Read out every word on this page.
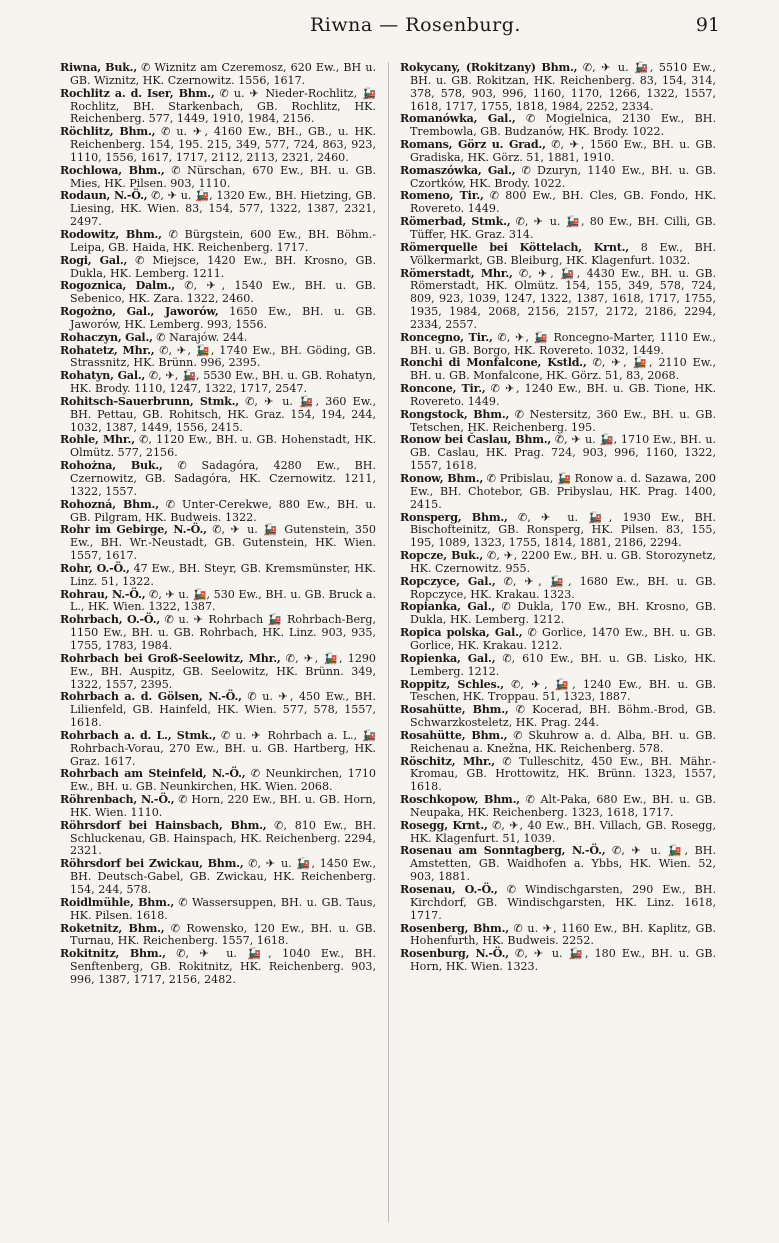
Riwna — Rosenburg.	91

Riwna, Buk., ✆ Wiznitz am Czeremosz, 620 Ew., BH u. GB. Wiznitz, HK. Czernowitz. 1556, 1617.

Rochlitz a. d. Iser, Bhm., ✆ u. ✈ Nieder-Rochlitz, 🚂 Rochlitz, BH. Starkenbach, GB. Rochlitz, HK. Reichenberg. 577, 1449, 1910, 1984, 2156.

Röchlitz, Bhm., ✆ u. ✈, 4160 Ew., BH., GB., u. HK. Reichenberg. 154, 195. 215, 349, 577, 724, 863, 923, 1110, 1556, 1617, 1717, 2112, 2113, 2321, 2460.

Rochlowa, Bhm., ✆ Nürschan, 670 Ew., BH. u. GB. Mies, HK. Pilsen. 903, 1110.

Rodaun, N.-Ö., ✆, ✈ u. 🚂, 1320 Ew., BH. Hietzing, GB. Liesing, HK. Wien. 83, 154, 577, 1322, 1387, 2321, 2497.

Rodowitz, Bhm., ✆ Bürgstein, 600 Ew., BH. Böhm.-Leipa, GB. Haida, HK. Reichenberg. 1717.

Rogi, Gal., ✆ Miejsce, 1420 Ew., BH. Krosno, GB. Dukla, HK. Lemberg. 1211.

Rogoznica, Dalm., ✆, ✈, 1540 Ew., BH. u. GB. Sebenico, HK. Zara. 1322, 2460.

Rogożno, Gal., Jaworów, 1650 Ew., BH. u. GB. Jaworów, HK. Lemberg. 993, 1556.

Rohaczyn, Gal., ✆ Narajów. 244.

Rohatetz, Mhr., ✆, ✈, 🚂, 1740 Ew., BH. Göding, GB. Strassnitz, HK. Brünn. 996, 2395.

Rohatyn, Gal., ✆, ✈, 🚂, 5530 Ew., BH. u. GB. Rohatyn, HK. Brody. 1110, 1247, 1322, 1717, 2547.

Rohitsch-Sauerbrunn, Stmk., ✆, ✈ u. 🚂, 360 Ew., BH. Pettau, GB. Rohitsch, HK. Graz. 154, 194, 244, 1032, 1387, 1449, 1556, 2415.

Rohle, Mhr., ✆, 1120 Ew., BH. u. GB. Hohenstadt, HK. Olmütz. 577, 2156.

Rohożna, Buk., ✆ Sadagóra, 4280 Ew., BH. Czernowitz, GB. Sadagóra, HK. Czernowitz. 1211, 1322, 1557.

Rohozná, Bhm., ✆ Unter-Cerekwe, 880 Ew., BH. u. GB. Pilgram, HK. Budweis. 1322.

Rohr im Gebirge, N.-Ö., ✆, ✈ u. 🚂 Gutenstein, 350 Ew., BH. Wr.-Neustadt, GB. Gutenstein, HK. Wien. 1557, 1617.

Rohr, O.-Ö., 47 Ew., BH. Steyr, GB. Kremsmünster, HK. Linz. 51, 1322.

Rohrau, N.-Ö., ✆, ✈ u. 🚂, 530 Ew., BH. u. GB. Bruck a. L., HK. Wien. 1322, 1387.

Rohrbach, O.-Ö., ✆ u. ✈ Rohrbach 🚂 Rohrbach-Berg, 1150 Ew., BH. u. GB. Rohrbach, HK. Linz. 903, 935, 1755, 1783, 1984.

Rohrbach bei Groß-Seelowitz, Mhr., ✆, ✈, 🚂, 1290 Ew., BH. Auspitz, GB. Seelowitz, HK. Brünn. 349, 1322, 1557, 2395.

Rohrbach a. d. Gölsen, N.-Ö., ✆ u. ✈, 450 Ew., BH. Lilienfeld, GB. Hainfeld, HK. Wien. 577, 578, 1557, 1618.

Rohrbach a. d. L., Stmk., ✆ u. ✈ Rohrbach a. L., 🚂 Rohrbach-Vorau, 270 Ew., BH. u. GB. Hartberg, HK. Graz. 1617.

Rohrbach am Steinfeld, N.-Ö., ✆ Neunkirchen, 1710 Ew., BH. u. GB. Neunkirchen, HK. Wien. 2068.

Röhrenbach, N.-Ö., ✆ Horn, 220 Ew., BH. u. GB. Horn, HK. Wien. 1110.

Röhrsdorf bei Hainsbach, Bhm., ✆, 810 Ew., BH. Schluckenau, GB. Hainspach, HK. Reichenberg. 2294, 2321.

Röhrsdorf bei Zwickau, Bhm., ✆, ✈ u. 🚂, 1450 Ew., BH. Deutsch-Gabel, GB. Zwickau, HK. Reichenberg. 154, 244, 578.

Roidlmühle, Bhm., ✆ Wassersuppen, BH. u. GB. Taus, HK. Pilsen. 1618.

Roketnitz, Bhm., ✆ Rowensko, 120 Ew., BH. u. GB. Turnau, HK. Reichenberg. 1557, 1618.

Rokitnitz, Bhm., ✆, ✈ u. 🚂, 1040 Ew., BH. Senftenberg, GB. Rokitnitz, HK. Reichenberg. 903, 996, 1387, 1717, 2156, 2482.

Rokycany, (Rokitzany) Bhm., ✆, ✈ u. 🚂, 5510 Ew., BH. u. GB. Rokitzan, HK. Reichenberg. 83, 154, 314, 378, 578, 903, 996, 1160, 1170, 1266, 1322, 1557, 1618, 1717, 1755, 1818, 1984, 2252, 2334.

Romanówka, Gal., ✆ Mogielnica, 2130 Ew., BH. Trembowla, GB. Budzanów, HK. Brody. 1022.

Romans, Görz u. Grad., ✆, ✈, 1560 Ew., BH. u. GB. Gradiska, HK. Görz. 51, 1881, 1910.

Romaszówka, Gal., ✆ Dzuryn, 1140 Ew., BH. u. GB. Czortków, HK. Brody. 1022.

Romeno, Tir., ✆ 800 Ew., BH. Cles, GB. Fondo, HK. Rovereto. 1449.

Römerbad, Stmk., ✆, ✈ u. 🚂, 80 Ew., BH. Cilli, GB. Tüffer, HK. Graz. 314.

Römerquelle bei Köttelach, Krnt., 8 Ew., BH. Völkermarkt, GB. Bleiburg, HK. Klagenfurt. 1032.

Römerstadt, Mhr., ✆, ✈, 🚂, 4430 Ew., BH. u. GB. Römerstadt, HK. Olmütz. 154, 155, 349, 578, 724, 809, 923, 1039, 1247, 1322, 1387, 1618, 1717, 1755, 1935, 1984, 2068, 2156, 2157, 2172, 2186, 2294, 2334, 2557.

Roncegno, Tir., ✆, ✈, 🚂 Roncegno-Marter, 1110 Ew., BH. u. GB. Borgo, HK. Rovereto. 1032, 1449.

Ronchi di Monfalcone, Kstld., ✆, ✈, 🚂, 2110 Ew., BH. u. GB. Monfalcone, HK. Görz. 51, 83, 2068.

Roncone, Tir., ✆ ✈, 1240 Ew., BH. u. GB. Tione, HK. Rovereto. 1449.

Rongstock, Bhm., ✆ Nestersitz, 360 Ew., BH. u. GB. Tetschen, HK. Reichenberg. 195.

Ronow bei Časlau, Bhm., ✆, ✈ u. 🚂, 1710 Ew., BH. u. GB. Caslau, HK. Prag. 724, 903, 996, 1160, 1322, 1557, 1618.

Ronow, Bhm., ✆ Pribislau, 🚂 Ronow a. d. Sazawa, 200 Ew., BH. Chotebor, GB. Pribyslau, HK. Prag. 1400, 2415.

Ronsperg, Bhm., ✆, ✈ u. 🚂, 1930 Ew., BH. Bischofteinitz, GB. Ronsperg, HK. Pilsen. 83, 155, 195, 1089, 1323, 1755, 1814, 1881, 2186, 2294.

Ropcze, Buk., ✆, ✈, 2200 Ew., BH. u. GB. Storozynetz, HK. Czernowitz. 955.

Ropczyce, Gal., ✆, ✈, 🚂, 1680 Ew., BH. u. GB. Ropczyce, HK. Krakau. 1323.

Ropianka, Gal., ✆ Dukla, 170 Ew., BH. Krosno, GB. Dukla, HK. Lemberg. 1212.

Ropica polska, Gal., ✆ Gorlice, 1470 Ew., BH. u. GB. Gorlice, HK. Krakau. 1212.

Ropienka, Gal., ✆, 610 Ew., BH. u. GB. Lisko, HK. Lemberg. 1212.

Roppitz, Schles., ✆, ✈, 🚂, 1240 Ew., BH. u. GB. Teschen, HK. Troppau. 51, 1323, 1887.

Rosahütte, Bhm., ✆ Kocerad, BH. Böhm.-Brod, GB. Schwarzkosteletz, HK. Prag. 244.

Rosahütte, Bhm., ✆ Skuhrow a. d. Alba, BH. u. GB. Reichenau a. Knežna, HK. Reichenberg. 578.

Röschitz, Mhr., ✆ Tulleschitz, 450 Ew., BH. Mähr.-Kromau, GB. Hrottowitz, HK. Brünn. 1323, 1557, 1618.

Roschkopow, Bhm., ✆ Alt-Paka, 680 Ew., BH. u. GB. Neupaka, HK. Reichenberg. 1323, 1618, 1717.

Rosegg, Krnt., ✆, ✈, 40 Ew., BH. Villach, GB. Rosegg, HK. Klagenfurt. 51, 1039.

Rosenau am Sonntagberg, N.-Ö., ✆, ✈ u. 🚂, BH. Amstetten, GB. Waidhofen a. Ybbs, HK. Wien. 52, 903, 1881.

Rosenau, O.-Ö., ✆ Windischgarsten, 290 Ew., BH. Kirchdorf, GB. Windischgarsten, HK. Linz. 1618, 1717.

Rosenberg, Bhm., ✆ u. ✈, 1160 Ew., BH. Kaplitz, GB. Hohenfurth, HK. Budweis. 2252.

Rosenburg, N.-Ö., ✆, ✈ u. 🚂, 180 Ew., BH. u. GB. Horn, HK. Wien. 1323.
